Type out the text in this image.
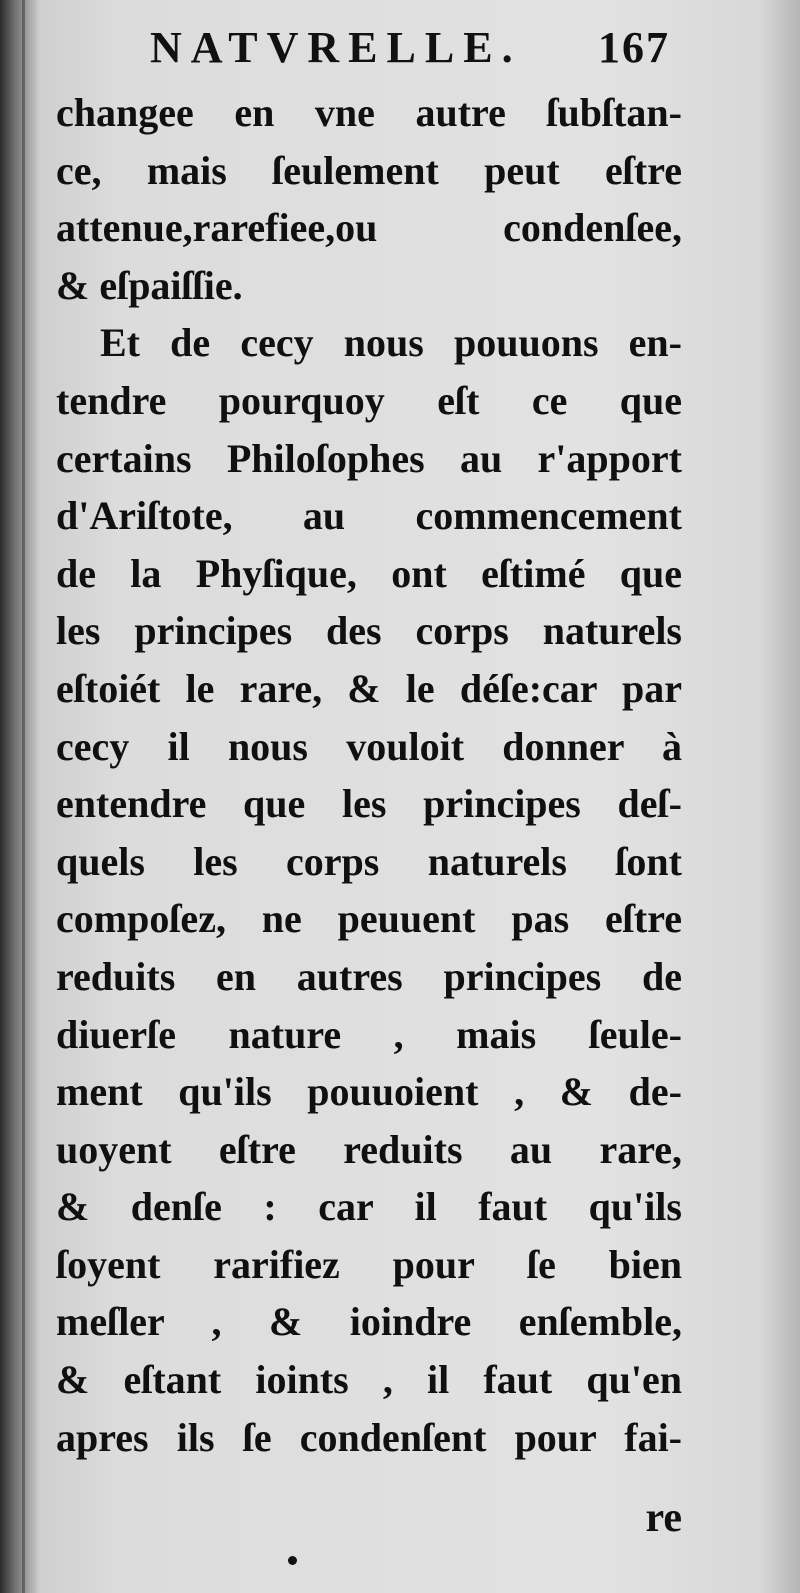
NATVRELLE. 167
changee en vne autre ſubſtan-
ce, mais ſeulement peut eſtre
attenue,rarefiee,ou condenſee,
& eſpaiſſie.
Et de cecy nous pouuons en-
tendre pourquoy eſt ce que
certains Philoſophes au r'apport
d'Ariſtote, au commencement
de la Phyſique, ont eſtimé que
les principes des corps naturels
eſtoiét le rare, & le déſe:car par
cecy il nous vouloit donner à
entendre que les principes deſ-
quels les corps naturels ſont
compoſez, ne peuuent pas eſtre
reduits en autres principes de
diuerſe nature , mais ſeule-
ment qu'ils pouuoient , & de-
uoyent eſtre reduits au rare,
& denſe : car il faut qu'ils
ſoyent rarifiez pour ſe bien
meſler , & ioindre enſemble,
& eſtant ioints , il faut qu'en
apres ils ſe condenſent pour fai-
re
